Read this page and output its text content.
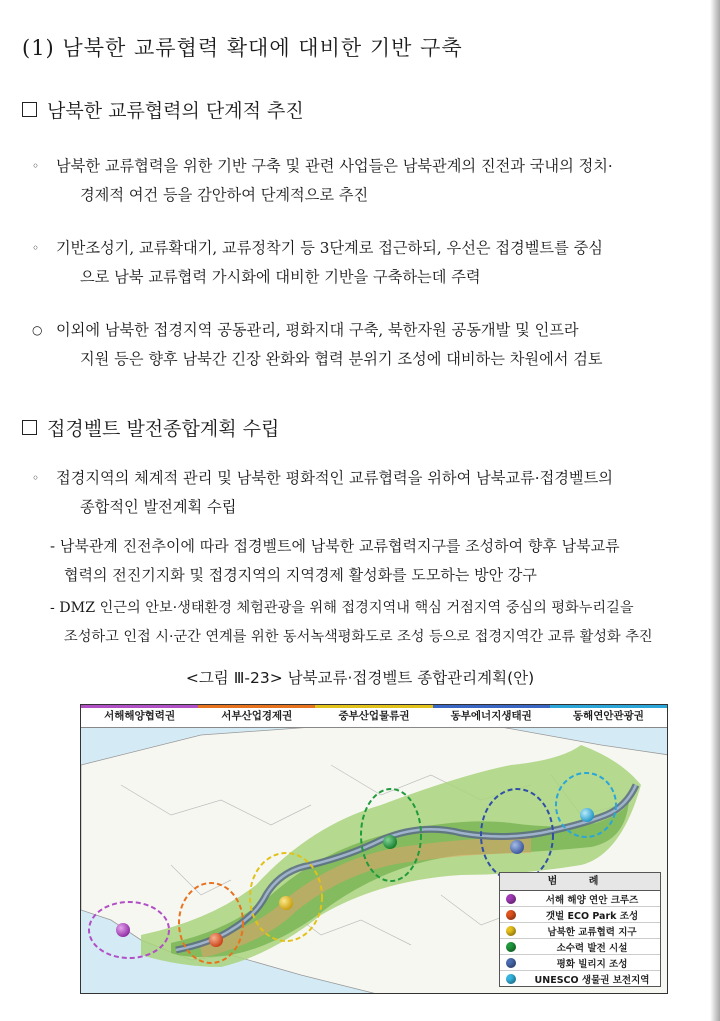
(1) 남북한 교류협력 확대에 대비한 기반 구축
남북한 교류협력의 단계적 추진
◦ 남북한 교류협력을 위한 기반 구축 및 관련 사업들은 남북관계의 진전과 국내의 정치·
경제적 여건 등을 감안하여 단계적으로 추진
◦ 기반조성기, 교류확대기, 교류정착기 등 3단계로 접근하되, 우선은 접경벨트를 중심
으로 남북 교류협력 가시화에 대비한 기반을 구축하는데 주력
○ 이외에 남북한 접경지역 공동관리, 평화지대 구축, 북한자원 공동개발 및 인프라
지원 등은 향후 남북간 긴장 완화와 협력 분위기 조성에 대비하는 차원에서 검토
접경벨트 발전종합계획 수립
◦ 접경지역의 체계적 관리 및 남북한 평화적인 교류협력을 위하여 남북교류·접경벨트의
종합적인 발전계획 수립
- 남북관계 진전추이에 따라 접경벨트에 남북한 교류협력지구를 조성하여 향후 남북교류
협력의 전진기지화 및 접경지역의 지역경제 활성화를 도모하는 방안 강구
- DMZ 인근의 안보·생태환경 체험관광을 위해 접경지역내 핵심 거점지역 중심의 평화누리길을
조성하고 인접 시·군간 연계를 위한 동서녹색평화도로 조성 등으로 접경지역간 교류 활성화 추진
<그림 Ⅲ-23> 남북교류·접경벨트 종합관리계획(안)
서해해양협력권	서부산업경제권	중부산업물류권	동부에너지생태권	동해연안관광권
범 례
서해 해양 연안 크루즈
갯벌 ECO Park 조성
남북한 교류협력 지구
소수력 발전 시설
평화 빌리지 조성
UNESCO 생물권 보전지역
